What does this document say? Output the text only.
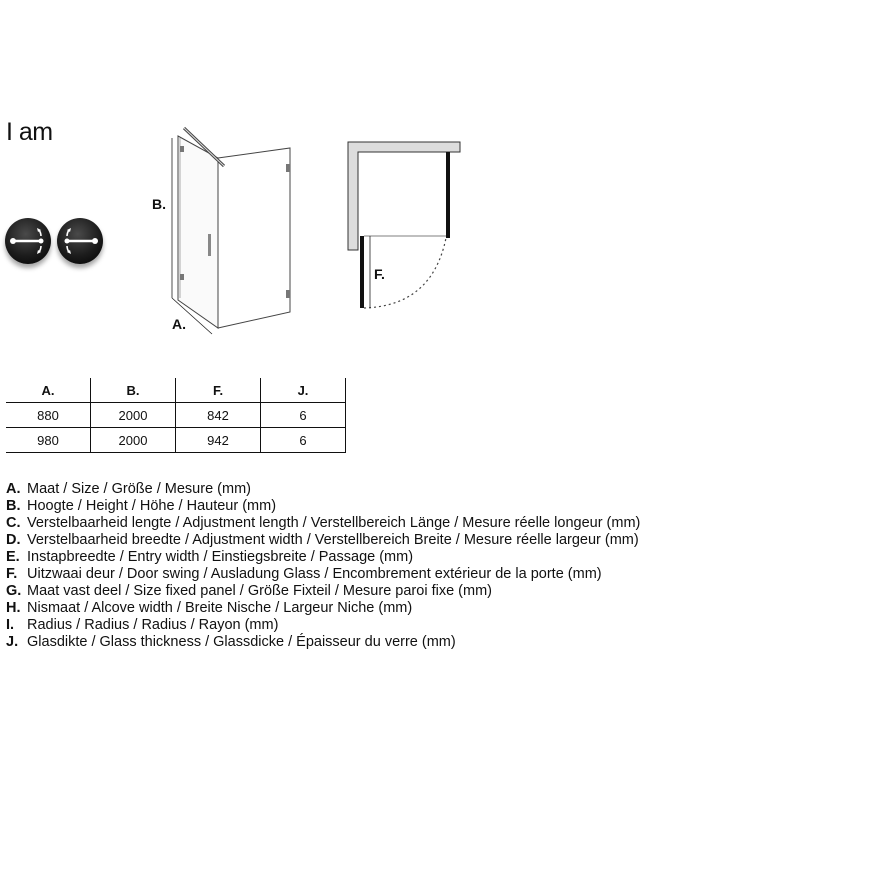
I am
B.
A.
F.
A.	B.	F.	J.
880	2000	842	6
980	2000	942	6
A. Maat / Size / Größe / Mesure (mm)
B. Hoogte / Height / Höhe / Hauteur (mm)
C. Verstelbaarheid lengte / Adjustment length / Verstellbereich Länge / Mesure réelle longeur (mm)
D. Verstelbaarheid breedte / Adjustment width / Verstellbereich Breite / Mesure réelle largeur (mm)
E. Instapbreedte / Entry width / Einstiegsbreite / Passage (mm)
F. Uitzwaai deur / Door swing / Ausladung Glass / Encombrement extérieur de la porte (mm)
G. Maat vast deel / Size fixed panel / Größe Fixteil / Mesure paroi fixe (mm)
H. Nismaat / Alcove width / Breite Nische / Largeur Niche (mm)
I. Radius / Radius / Radius / Rayon (mm)
J. Glasdikte / Glass thickness / Glassdicke / Épaisseur du verre (mm)
